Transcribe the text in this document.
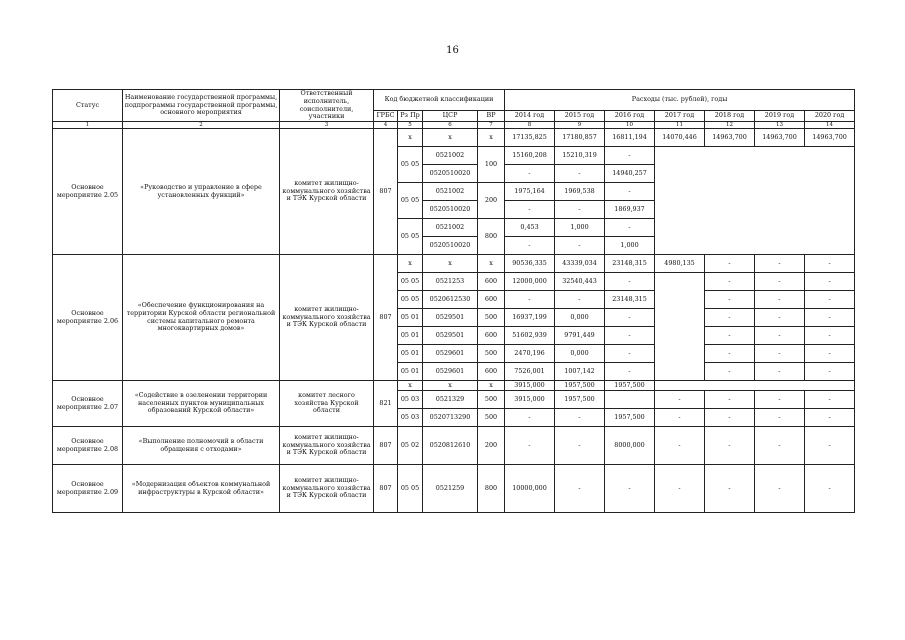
16
Статус	Наименование государственной программы, подпрограммы государственной программы, основного мероприятия	Ответственный исполнитель, соисполнители, участники	Код бюджетной классификации				Расходы (тыс. рублей), годы						
			ГРБС	Рз Пр	ЦСР	ВР	2014 год	2015 год	2016 год	2017 год	2018 год	2019 год	2020 год
1	2	3	4	5	6	7	8	9	10	11	12	13	14
Основное мероприятие 2.05	«Руководство и управление в сфере установленных функций»	комитет жилищно-коммунального хозяйства и ТЭК Курской области	807	х	х	х	17135,825	17180,857	16811,194	14070,446	14963,700	14963,700	14963,700
				05 05	0521002	100	15160,208	15210,319	-				
					0520510020		-	-	14940,257				
				05 05	0521002	200	1975,164	1969,538	-				
					0520510020		-	-	1869,937				
				05 05	0521002	800	0,453	1,000	-				
					0520510020		-	-	1,000				
Основное мероприятие 2.06	«Обеспечение функционирования на территории Курской области региональной системы капитального ремонта многоквартирных домов»	комитет жилищно-коммунального хозяйства и ТЭК Курской области	807	х	х	х	90536,335	43339,034	23148,315	4980,135	-	-	-
				05 05	0521253	600	12000,000	32540,443	-		-	-	-
				05 05	0520612530	600	-	-	23148,315		-	-	-
				05 01	0529501	500	16937,199	0,000	-		-	-	-
				05 01	0529501	600	51602,939	9791,449	-		-	-	-
				05 01	0529601	500	2470,196	0,000	-		-	-	-
				05 01	0529601	600	7526,001	1007,142	-		-	-	-
Основное мероприятие 2.07	«Содействие в озеленении территории населенных пунктов муниципальных образований Курской области»	комитет лесного хозяйства Курской области	821	х	х	х	3915,000	1957,500	1957,500				
				05 03	0521329	500	3915,000	1957,500		-	-	-	-
				05 03	0520713290	500	-	-	1957,500	-	-	-	-
Основное мероприятие 2.08	«Выполнение полномочий в области обращения с отходами»	комитет жилищно-коммунального хозяйства и ТЭК Курской области	807	05 02	0520812610	200	-	-	8000,000	-	-	-	-
Основное мероприятие 2.09	«Модернизация объектов коммунальной инфраструктуры в Курской области»	комитет жилищно-коммунального хозяйства и ТЭК Курской области	807	05 05	0521259	800	10000,000	-	-	-	-	-	-
